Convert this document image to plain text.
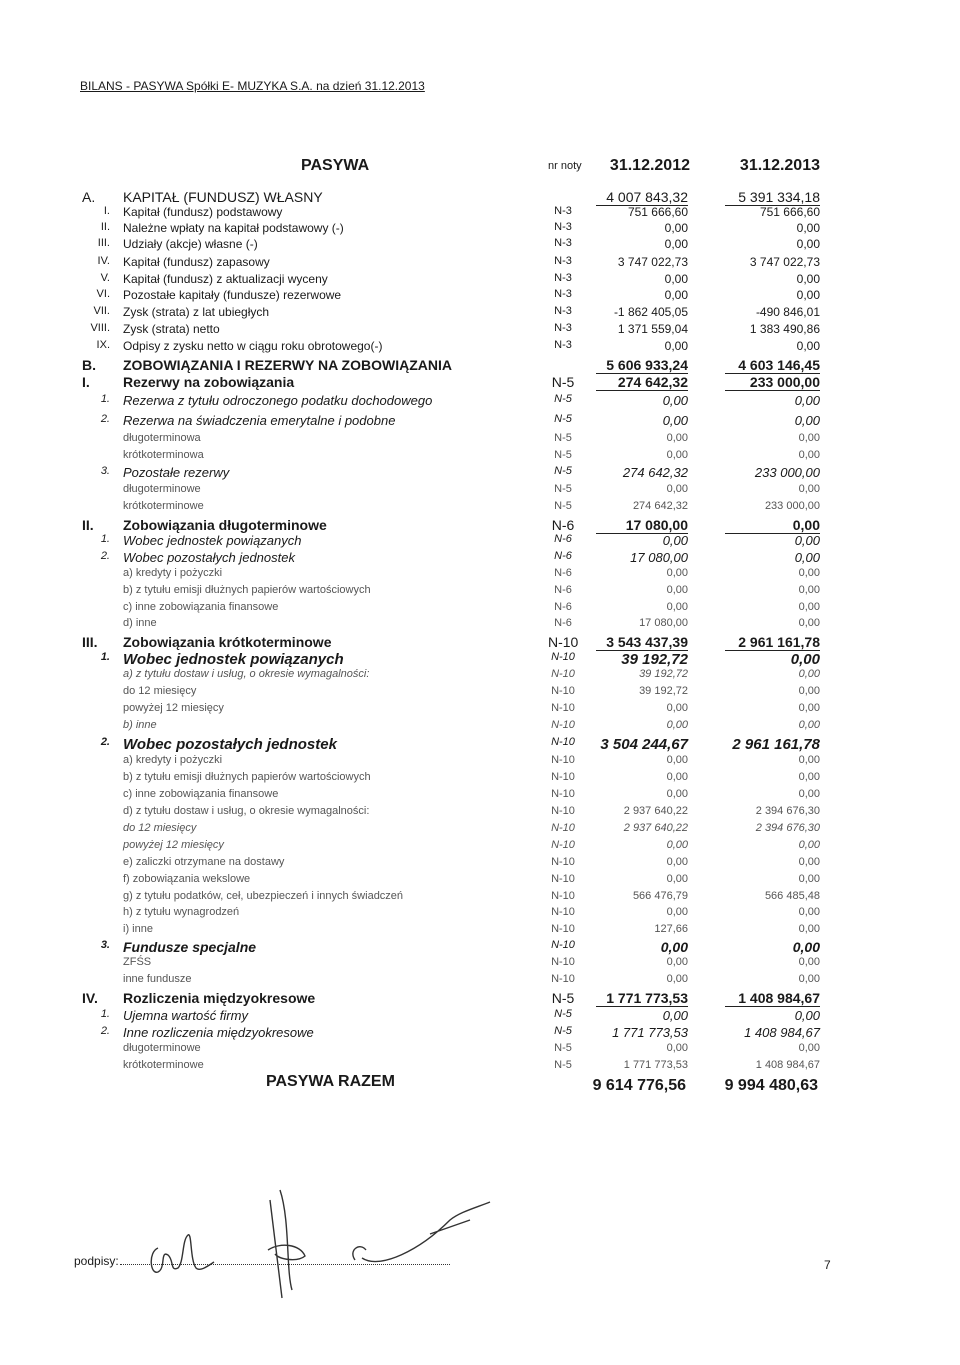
BILANS - PASYWA Spółki E- MUZYKA S.A. na dzień 31.12.2013
PASYWA	nr noty	31.12.2012	31.12.2013
A. KAPITAŁ (FUNDUSZ) WŁASNY	4 007 843,32	5 391 334,18
I. Kapitał (fundusz) podstawowy	N-3	751 666,60	751 666,60
II. Należne wpłaty na kapitał podstawowy (-)	N-3	0,00	0,00
III. Udziały (akcje) własne (-)	N-3	0,00	0,00
IV. Kapitał (fundusz) zapasowy	N-3	3 747 022,73	3 747 022,73
V. Kapitał (fundusz) z aktualizacji wyceny	N-3	0,00	0,00
VI. Pozostałe kapitały (fundusze) rezerwowe	N-3	0,00	0,00
VII. Zysk (strata) z lat ubiegłych	N-3	-1 862 405,05	-490 846,01
VIII. Zysk (strata) netto	N-3	1 371 559,04	1 383 490,86
IX. Odpisy z zysku netto w ciągu roku obrotowego(-)	N-3	0,00	0,00
B. ZOBOWIĄZANIA I REZERWY NA ZOBOWIĄZANIA	5 606 933,24	4 603 146,45
I. Rezerwy na zobowiązania	N-5	274 642,32	233 000,00
1. Rezerwa z tytułu odroczonego podatku dochodowego	N-5	0,00	0,00
2. Rezerwa na świadczenia emerytalne i podobne	N-5	0,00	0,00
długoterminowa	N-5	0,00	0,00
krótkoterminowa	N-5	0,00	0,00
3. Pozostałe rezerwy	N-5	274 642,32	233 000,00
długoterminowe	N-5	0,00	0,00
krótkoterminowe	N-5	274 642,32	233 000,00
II. Zobowiązania długoterminowe	N-6	17 080,00	0,00
1. Wobec jednostek powiązanych	N-6	0,00	0,00
2. Wobec pozostałych jednostek	N-6	17 080,00	0,00
a) kredyty i pożyczki	N-6	0,00	0,00
b) z tytułu emisji dłużnych papierów wartościowych	N-6	0,00	0,00
c) inne zobowiązania finansowe	N-6	0,00	0,00
d) inne	N-6	17 080,00	0,00
III. Zobowiązania krótkoterminowe	N-10	3 543 437,39	2 961 161,78
1. Wobec jednostek powiązanych	N-10	39 192,72	0,00
a) z tytułu dostaw i usług, o okresie wymagalności:	N-10	39 192,72	0,00
do 12 miesięcy	N-10	39 192,72	0,00
powyżej 12 miesięcy	N-10	0,00	0,00
b) inne	N-10	0,00	0,00
2. Wobec pozostałych jednostek	N-10	3 504 244,67	2 961 161,78
a) kredyty i pożyczki	N-10	0,00	0,00
b) z tytułu emisji dłużnych papierów wartościowych	N-10	0,00	0,00
c) inne zobowiązania finansowe	N-10	0,00	0,00
d) z tytułu dostaw i usług, o okresie wymagalności:	N-10	2 937 640,22	2 394 676,30
do 12 miesięcy	N-10	2 937 640,22	2 394 676,30
powyżej 12 miesięcy	N-10	0,00	0,00
e) zaliczki otrzymane na dostawy	N-10	0,00	0,00
f) zobowiązania wekslowe	N-10	0,00	0,00
g) z tytułu podatków, ceł, ubezpieczeń i innych świadczeń	N-10	566 476,79	566 485,48
h) z tytułu wynagrodzeń	N-10	0,00	0,00
i) inne	N-10	127,66	0,00
3. Fundusze specjalne	N-10	0,00	0,00
ZFŚS	N-10	0,00	0,00
inne fundusze	N-10	0,00	0,00
IV. Rozliczenia międzyokresowe	N-5	1 771 773,53	1 408 984,67
1. Ujemna wartość firmy	N-5	0,00	0,00
2. Inne rozliczenia międzyokresowe	N-5	1 771 773,53	1 408 984,67
długoterminowe	N-5	0,00	0,00
krótkoterminowe	N-5	1 771 773,53	1 408 984,67
PASYWA RAZEM	9 614 776,56	9 994 480,63
podpisy:	7
